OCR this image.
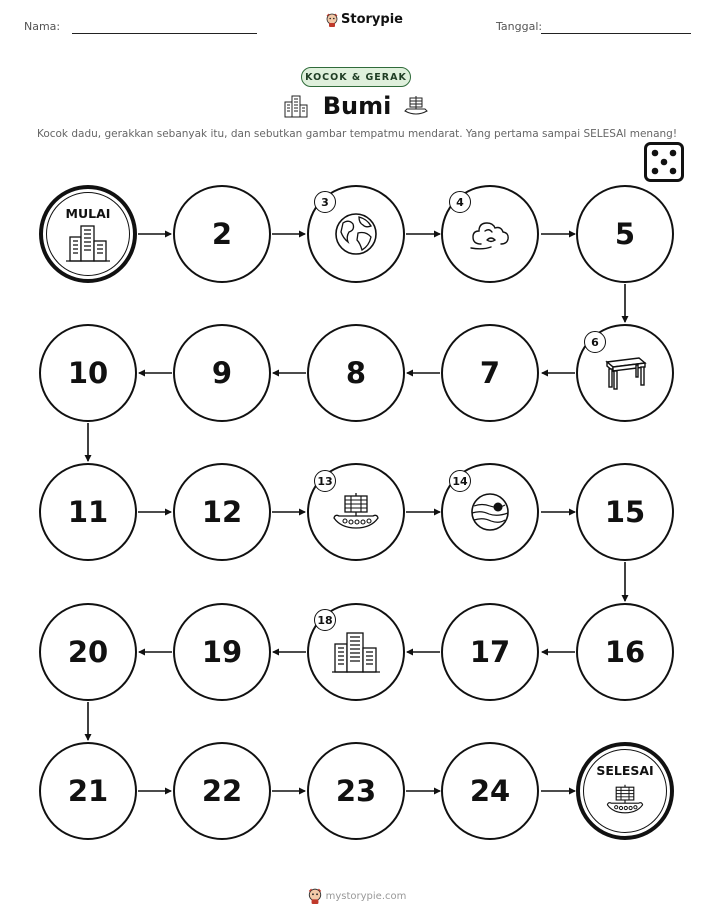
Nama:	Storypie	Tanggal:
KOCOK & GERAK
Bumi
Kocok dadu, gerakkan sebanyak itu, dan sebutkan gambar tempatmu mendarat. Yang pertama sampai SELESAI menang!
MULAI
2	5
7
8
9
10
11	12	15
16
17
19
20
21	22	23	24
SELESAI
3	4
6
13	14
18
mystorypie.com
